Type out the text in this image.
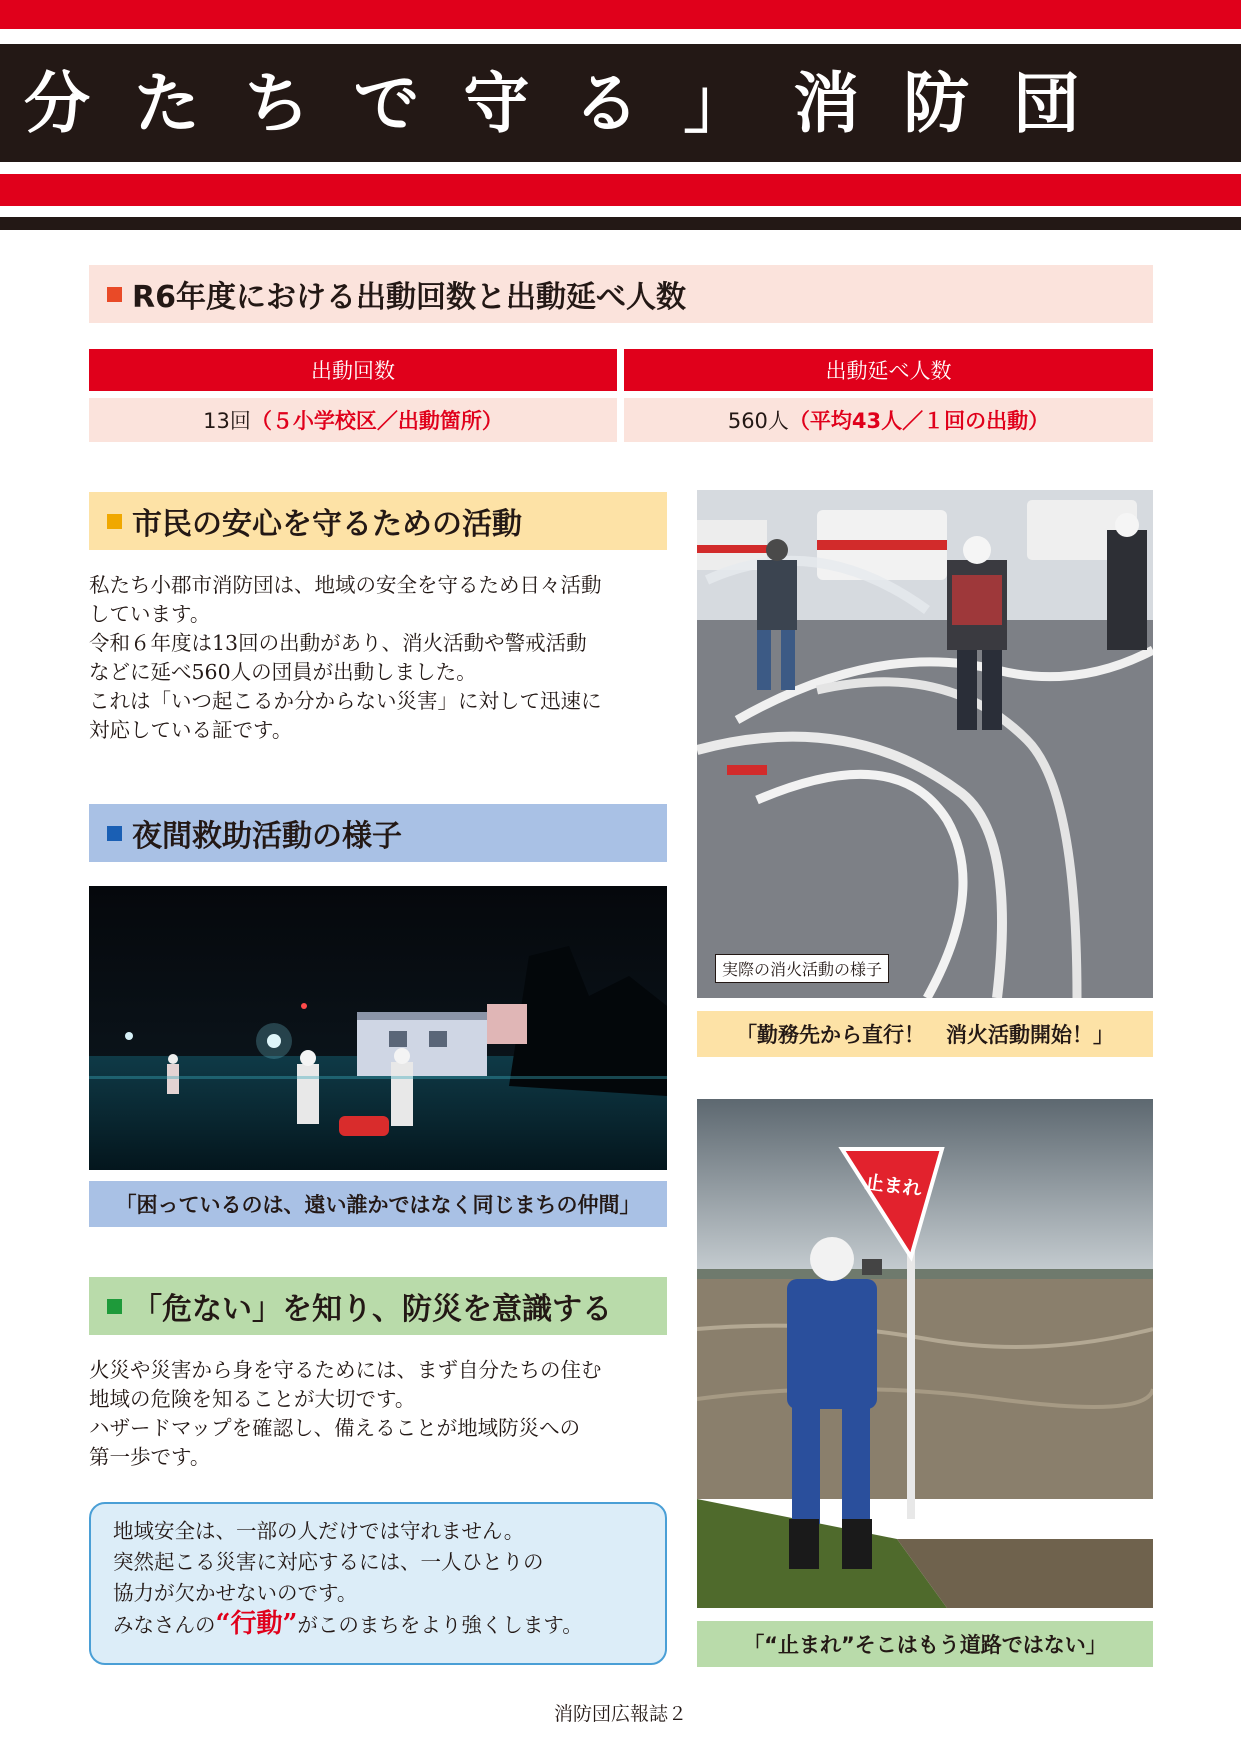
分たちで守る」消防団
R6年度における出動回数と出動延べ人数
出動回数	出動延べ人数
13回 （５小学校区／出動箇所）	560人 （平均43人／１回の出動）
市民の安心を守るための活動

私たち小郡市消防団は、地域の安全を守るため日々活動

しています。

令和６年度は13回の出動があり、消火活動や警戒活動

などに延べ560人の団員が出動しました。

これは「いつ起こるか分からない災害」に対して迅速に

対応している証です。

夜間救助活動の様子
「困っているのは、遠い誰かではなく同じまちの仲間」
「危ない」を知り、防災を意識する

火災や災害から身を守るためには、まず自分たちの住む

地域の危険を知ることが大切です。

ハザードマップを確認し、備えることが地域防災への

第一歩です。

地域安全は、一部の人だけでは守れません。

突然起こる災害に対応するには、一人ひとりの

協力が欠かせないのです。

みなさんの“行動”がこのまちをより強くします。

実際の消火活動の様子
「勤務先から直行！　消火活動開始！」
止まれ
「“止まれ”そこはもう道路ではない」
消防団広報誌２
